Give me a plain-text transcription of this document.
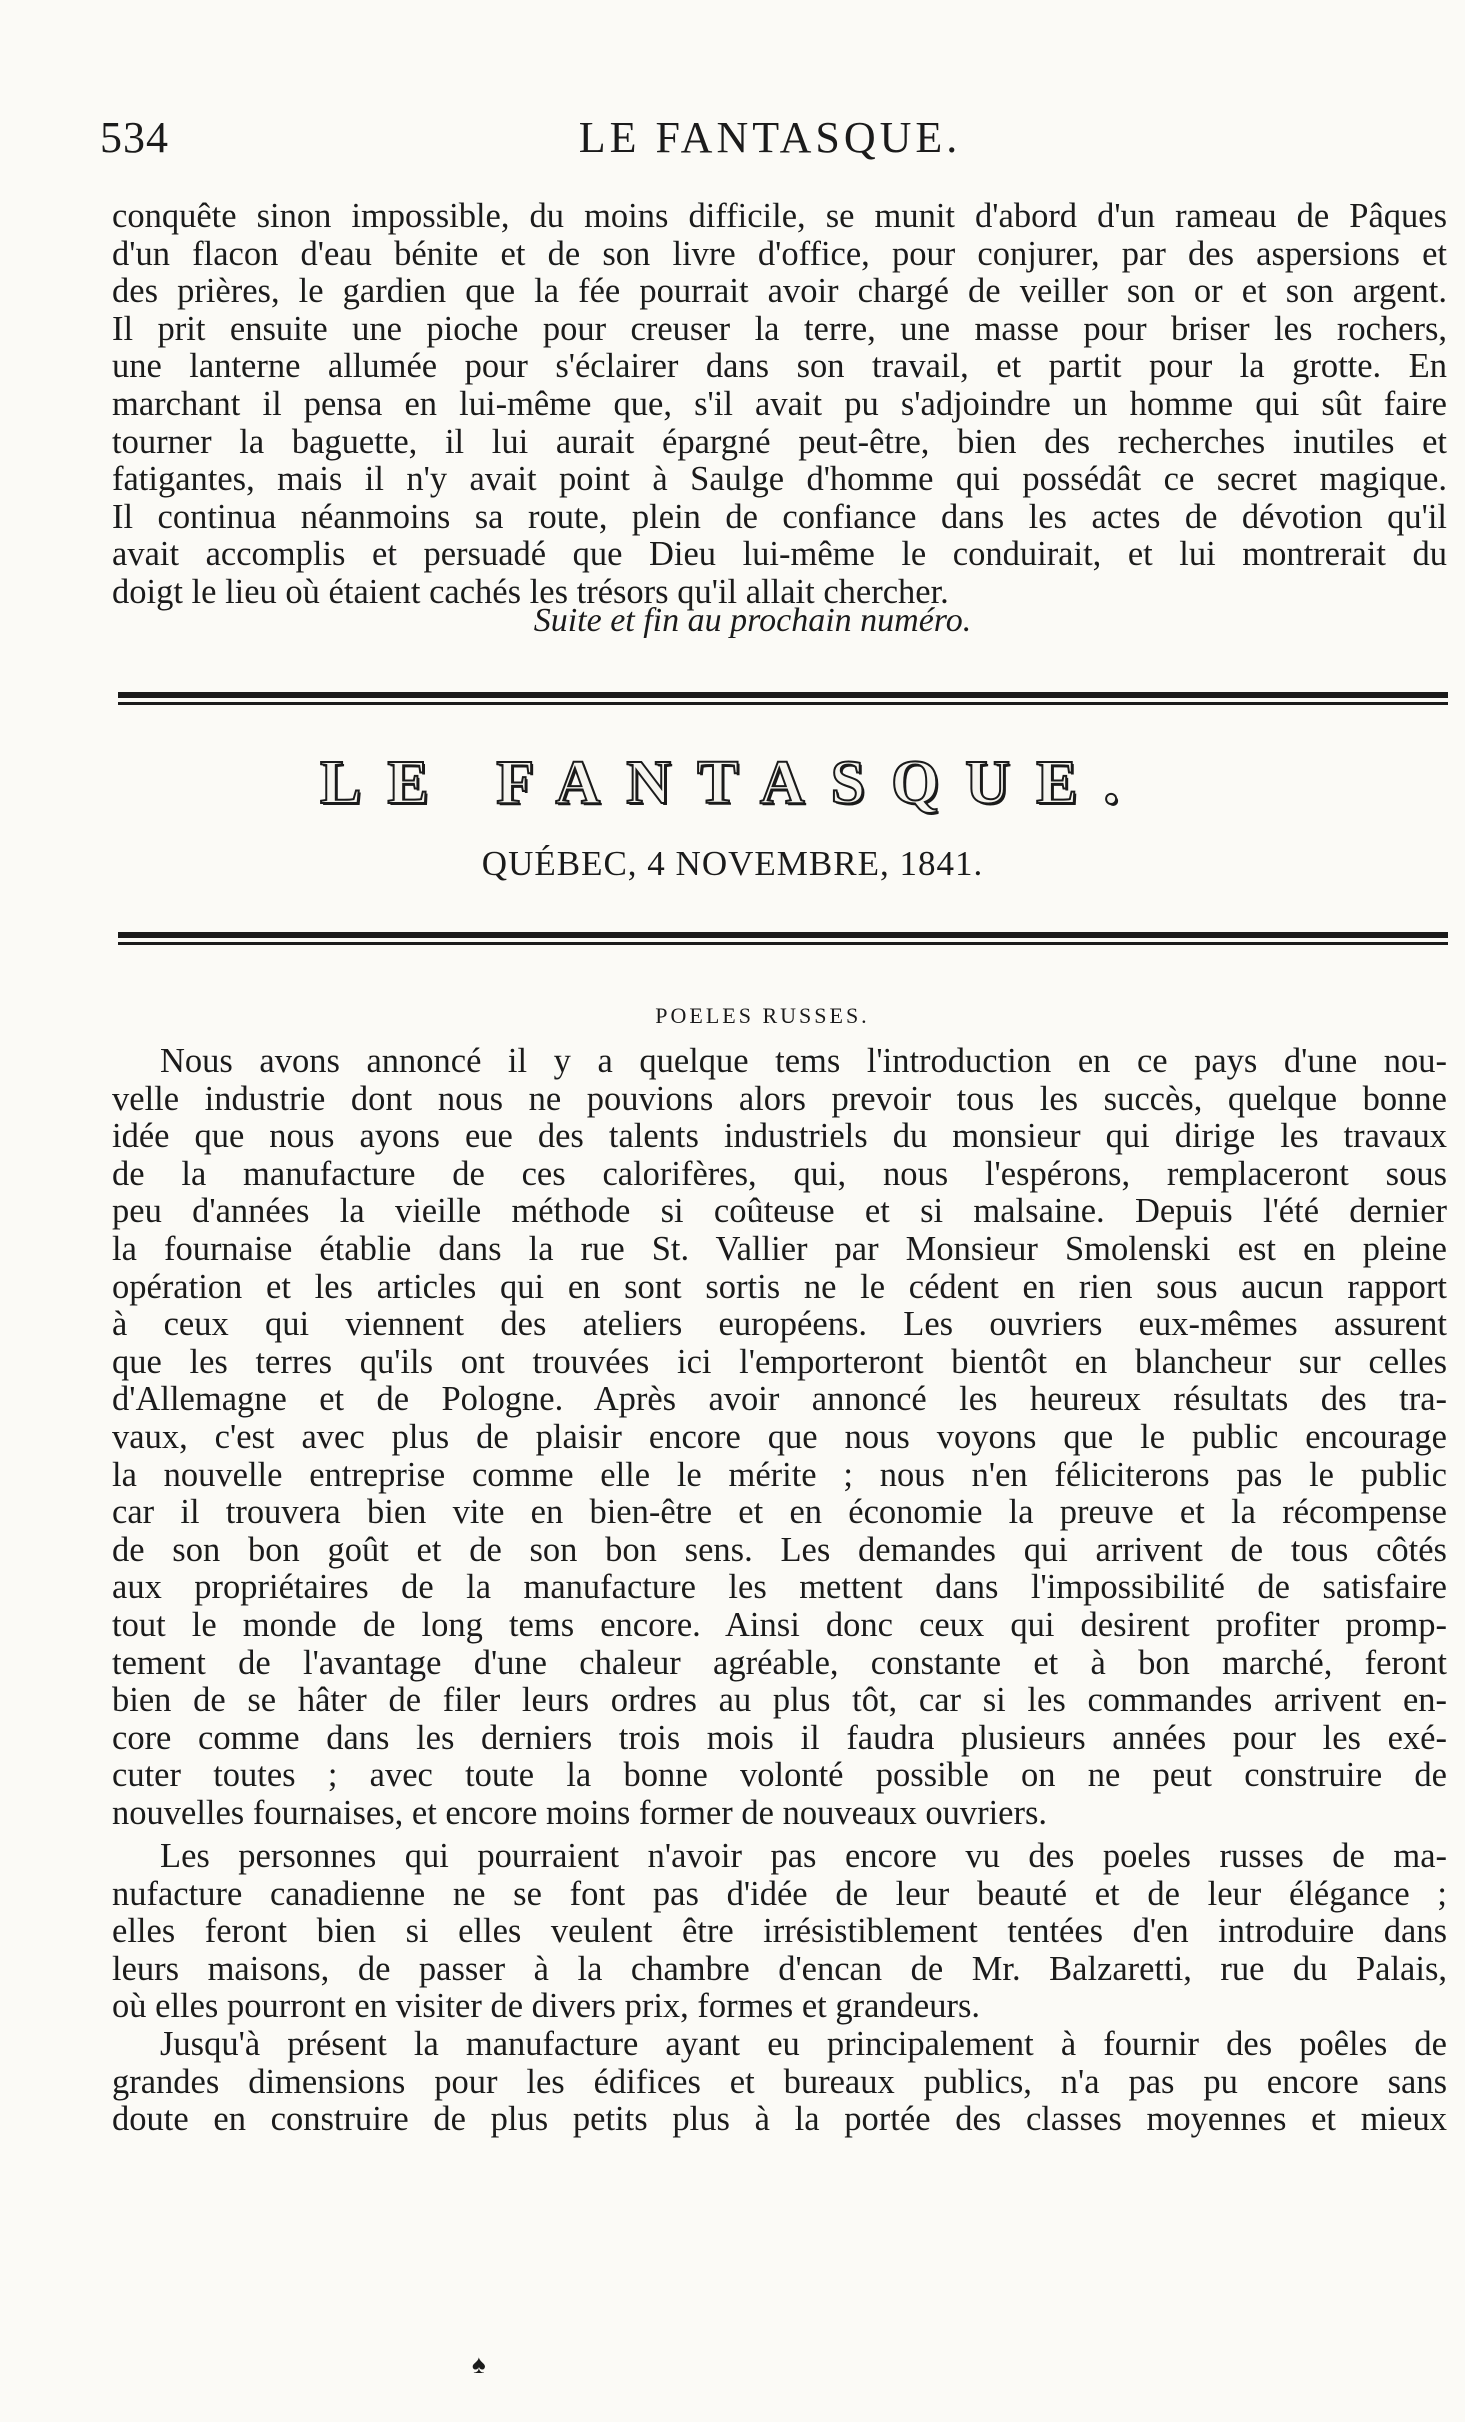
534	LE FANTASQUE.
conquête sinon impossible, du moins difficile, se munit d'abord d'un rameau de Pâques
d'un flacon d'eau bénite et de son livre d'office, pour conjurer, par des aspersions et
des prières, le gardien que la fée pourrait avoir chargé de veiller son or et son argent.
Il prit ensuite une pioche pour creuser la terre, une masse pour briser les rochers,
une lanterne allumée pour s'éclairer dans son travail, et partit pour la grotte. En
marchant il pensa en lui-même que, s'il avait pu s'adjoindre un homme qui sût faire
tourner la baguette, il lui aurait épargné peut-être, bien des recherches inutiles et
fatigantes, mais il n'y avait point à Saulge d'homme qui possédât ce secret magique.
Il continua néanmoins sa route, plein de confiance dans les actes de dévotion qu'il
avait accomplis et persuadé que Dieu lui-même le conduirait, et lui montrerait du
doigt le lieu où étaient cachés les trésors qu'il allait chercher.
Suite et fin au prochain numéro.
LE FANTASQUE.
QUÉBEC, 4 NOVEMBRE, 1841.
POELES RUSSES.
Nous avons annoncé il y a quelque tems l'introduction en ce pays d'une nou-
velle industrie dont nous ne pouvions alors prevoir tous les succès, quelque bonne
idée que nous ayons eue des talents industriels du monsieur qui dirige les travaux
de la manufacture de ces calorifères, qui, nous l'espérons, remplaceront sous
peu d'années la vieille méthode si coûteuse et si malsaine. Depuis l'été dernier
la fournaise établie dans la rue St. Vallier par Monsieur Smolenski est en pleine
opération et les articles qui en sont sortis ne le cédent en rien sous aucun rapport
à ceux qui viennent des ateliers européens. Les ouvriers eux-mêmes assurent
que les terres qu'ils ont trouvées ici l'emporteront bientôt en blancheur sur celles
d'Allemagne et de Pologne. Après avoir annoncé les heureux résultats des tra-
vaux, c'est avec plus de plaisir encore que nous voyons que le public encourage
la nouvelle entreprise comme elle le mérite ; nous n'en féliciterons pas le public
car il trouvera bien vite en bien-être et en économie la preuve et la récompense
de son bon goût et de son bon sens. Les demandes qui arrivent de tous côtés
aux propriétaires de la manufacture les mettent dans l'impossibilité de satisfaire
tout le monde de long tems encore. Ainsi donc ceux qui desirent profiter promp-
tement de l'avantage d'une chaleur agréable, constante et à bon marché, feront
bien de se hâter de filer leurs ordres au plus tôt, car si les commandes arrivent en-
core comme dans les derniers trois mois il faudra plusieurs années pour les exé-
cuter toutes ; avec toute la bonne volonté possible on ne peut construire de
nouvelles fournaises, et encore moins former de nouveaux ouvriers.
Les personnes qui pourraient n'avoir pas encore vu des poeles russes de ma-
nufacture canadienne ne se font pas d'idée de leur beauté et de leur élégance ;
elles feront bien si elles veulent être irrésistiblement tentées d'en introduire dans
leurs maisons, de passer à la chambre d'encan de Mr. Balzaretti, rue du Palais,
où elles pourront en visiter de divers prix, formes et grandeurs.
Jusqu'à présent la manufacture ayant eu principalement à fournir des poêles de
grandes dimensions pour les édifices et bureaux publics, n'a pas pu encore sans
doute en construire de plus petits plus à la portée des classes moyennes et mieux
♠
